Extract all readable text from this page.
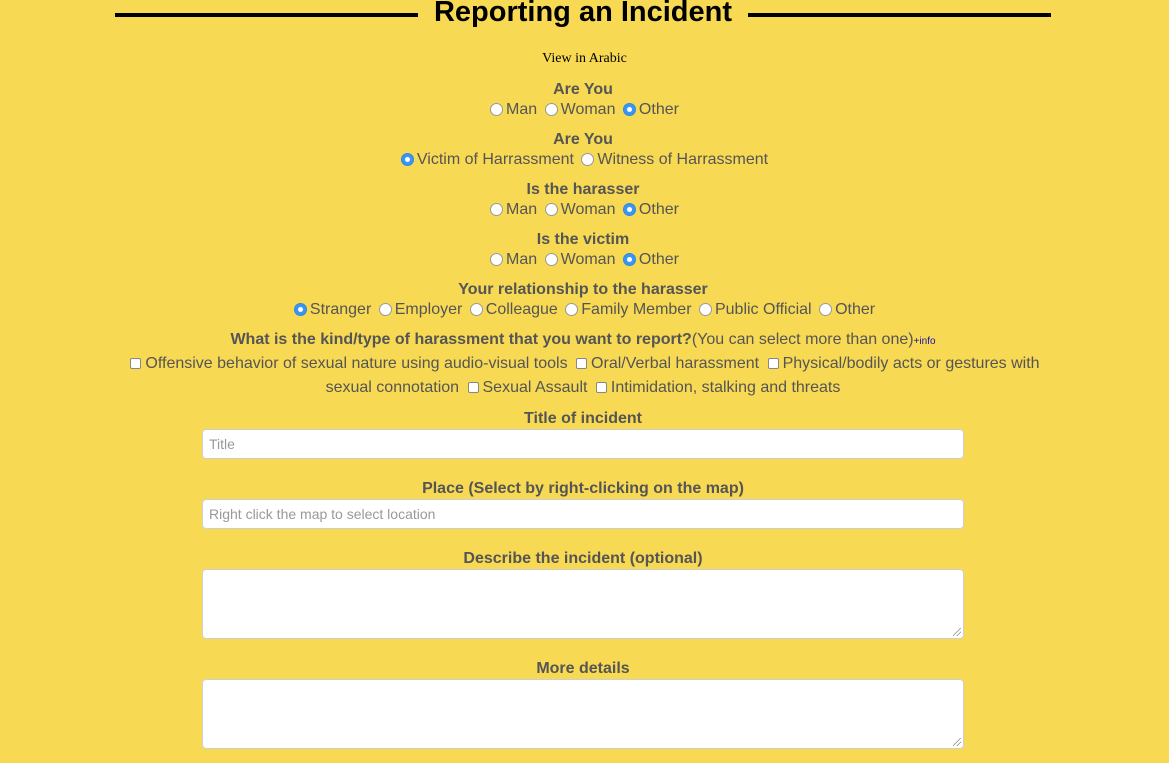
Reporting an Incident
View in Arabic
Are You
Man Woman Other
Are You
Victim of Harrassment Witness of Harrassment
Is the harasser
Man Woman Other
Is the victim
Man Woman Other
Your relationship to the harasser
Stranger Employer Colleague Family Member Public Official Other
What is the kind/type of harassment that you want to report?(You can select more than one)+info
Offensive behavior of sexual nature using audio-visual tools Oral/Verbal harassment Physical/bodily acts or gestures with sexual connotation Sexual Assault Intimidation, stalking and threats
Title of incident
Title
Place (Select by right-clicking on the map)
Right click the map to select location
Describe the incident (optional)
More details
